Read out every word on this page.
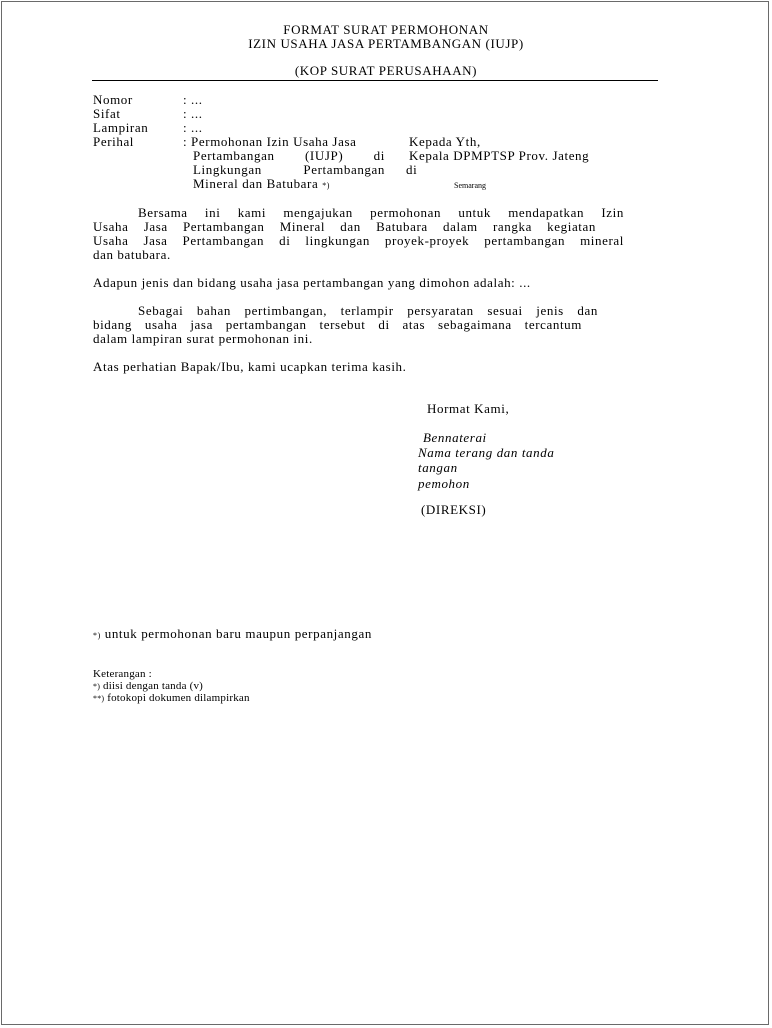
FORMAT SURAT PERMOHONAN
IZIN USAHA JASA PERTAMBANGAN (IUJP)
(KOP SURAT PERUSAHAAN)
Nomor	: ...
Sifat	: ...
Lampiran	: ...
Perihal	: Permohonan Izin Usaha Jasa
Pertambangan (IUJP) di
Lingkungan Pertambangan
Mineral dan Batubara *)
Kepada Yth,
Kepala DPMPTSP Prov. Jateng
di
Semarang
Bersama ini kami mengajukan permohonan untuk mendapatkan Izin
Usaha Jasa Pertambangan Mineral dan Batubara dalam rangka kegiatan
Usaha Jasa Pertambangan di lingkungan proyek-proyek pertambangan mineral
dan batubara.
Adapun jenis dan bidang usaha jasa pertambangan yang dimohon adalah: ...
Sebagai bahan pertimbangan, terlampir persyaratan sesuai jenis dan
bidang usaha jasa pertambangan tersebut di atas sebagaimana tercantum
dalam lampiran surat permohonan ini.
Atas perhatian Bapak/Ibu, kami ucapkan terima kasih.
Hormat Kami,
Bennaterai
Nama terang dan tanda
tangan
pemohon
(DIREKSI)
*) untuk permohonan baru maupun perpanjangan
Keterangan :
*) diisi dengan tanda (v)
**) fotokopi dokumen dilampirkan
